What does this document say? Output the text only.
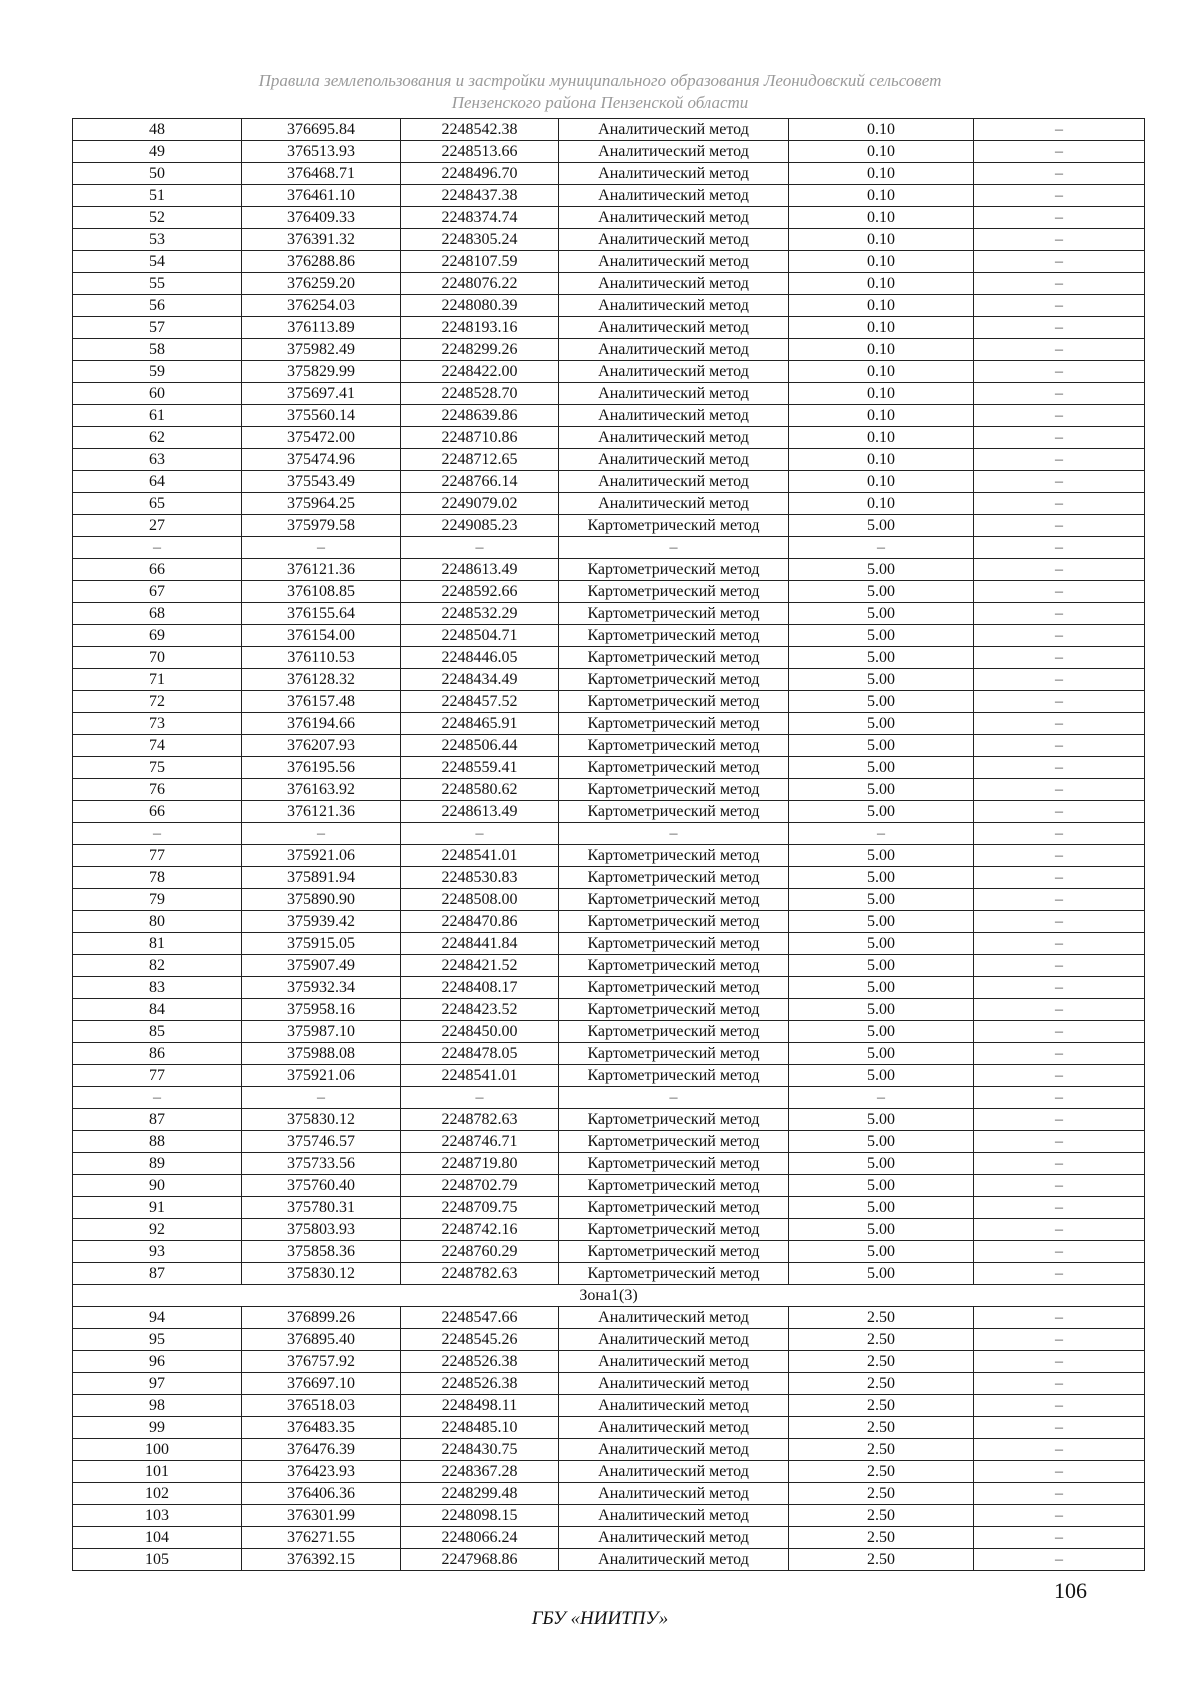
Правила землепользования и застройки муниципального образования Леонидовский сельсовет
Пензенского района Пензенской области
48	376695.84	2248542.38	Аналитический метод	0.10	–
49	376513.93	2248513.66	Аналитический метод	0.10	–
50	376468.71	2248496.70	Аналитический метод	0.10	–
51	376461.10	2248437.38	Аналитический метод	0.10	–
52	376409.33	2248374.74	Аналитический метод	0.10	–
53	376391.32	2248305.24	Аналитический метод	0.10	–
54	376288.86	2248107.59	Аналитический метод	0.10	–
55	376259.20	2248076.22	Аналитический метод	0.10	–
56	376254.03	2248080.39	Аналитический метод	0.10	–
57	376113.89	2248193.16	Аналитический метод	0.10	–
58	375982.49	2248299.26	Аналитический метод	0.10	–
59	375829.99	2248422.00	Аналитический метод	0.10	–
60	375697.41	2248528.70	Аналитический метод	0.10	–
61	375560.14	2248639.86	Аналитический метод	0.10	–
62	375472.00	2248710.86	Аналитический метод	0.10	–
63	375474.96	2248712.65	Аналитический метод	0.10	–
64	375543.49	2248766.14	Аналитический метод	0.10	–
65	375964.25	2249079.02	Аналитический метод	0.10	–
27	375979.58	2249085.23	Картометрический метод	5.00	–
–	–	–	–	–	–
66	376121.36	2248613.49	Картометрический метод	5.00	–
67	376108.85	2248592.66	Картометрический метод	5.00	–
68	376155.64	2248532.29	Картометрический метод	5.00	–
69	376154.00	2248504.71	Картометрический метод	5.00	–
70	376110.53	2248446.05	Картометрический метод	5.00	–
71	376128.32	2248434.49	Картометрический метод	5.00	–
72	376157.48	2248457.52	Картометрический метод	5.00	–
73	376194.66	2248465.91	Картометрический метод	5.00	–
74	376207.93	2248506.44	Картометрический метод	5.00	–
75	376195.56	2248559.41	Картометрический метод	5.00	–
76	376163.92	2248580.62	Картометрический метод	5.00	–
66	376121.36	2248613.49	Картометрический метод	5.00	–
–	–	–	–	–	–
77	375921.06	2248541.01	Картометрический метод	5.00	–
78	375891.94	2248530.83	Картометрический метод	5.00	–
79	375890.90	2248508.00	Картометрический метод	5.00	–
80	375939.42	2248470.86	Картометрический метод	5.00	–
81	375915.05	2248441.84	Картометрический метод	5.00	–
82	375907.49	2248421.52	Картометрический метод	5.00	–
83	375932.34	2248408.17	Картометрический метод	5.00	–
84	375958.16	2248423.52	Картометрический метод	5.00	–
85	375987.10	2248450.00	Картометрический метод	5.00	–
86	375988.08	2248478.05	Картометрический метод	5.00	–
77	375921.06	2248541.01	Картометрический метод	5.00	–
–	–	–	–	–	–
87	375830.12	2248782.63	Картометрический метод	5.00	–
88	375746.57	2248746.71	Картометрический метод	5.00	–
89	375733.56	2248719.80	Картометрический метод	5.00	–
90	375760.40	2248702.79	Картометрический метод	5.00	–
91	375780.31	2248709.75	Картометрический метод	5.00	–
92	375803.93	2248742.16	Картометрический метод	5.00	–
93	375858.36	2248760.29	Картометрический метод	5.00	–
87	375830.12	2248782.63	Картометрический метод	5.00	–
Зона1(3)					
94	376899.26	2248547.66	Аналитический метод	2.50	–
95	376895.40	2248545.26	Аналитический метод	2.50	–
96	376757.92	2248526.38	Аналитический метод	2.50	–
97	376697.10	2248526.38	Аналитический метод	2.50	–
98	376518.03	2248498.11	Аналитический метод	2.50	–
99	376483.35	2248485.10	Аналитический метод	2.50	–
100	376476.39	2248430.75	Аналитический метод	2.50	–
101	376423.93	2248367.28	Аналитический метод	2.50	–
102	376406.36	2248299.48	Аналитический метод	2.50	–
103	376301.99	2248098.15	Аналитический метод	2.50	–
104	376271.55	2248066.24	Аналитический метод	2.50	–
105	376392.15	2247968.86	Аналитический метод	2.50	–
106
ГБУ «НИИТПУ»
